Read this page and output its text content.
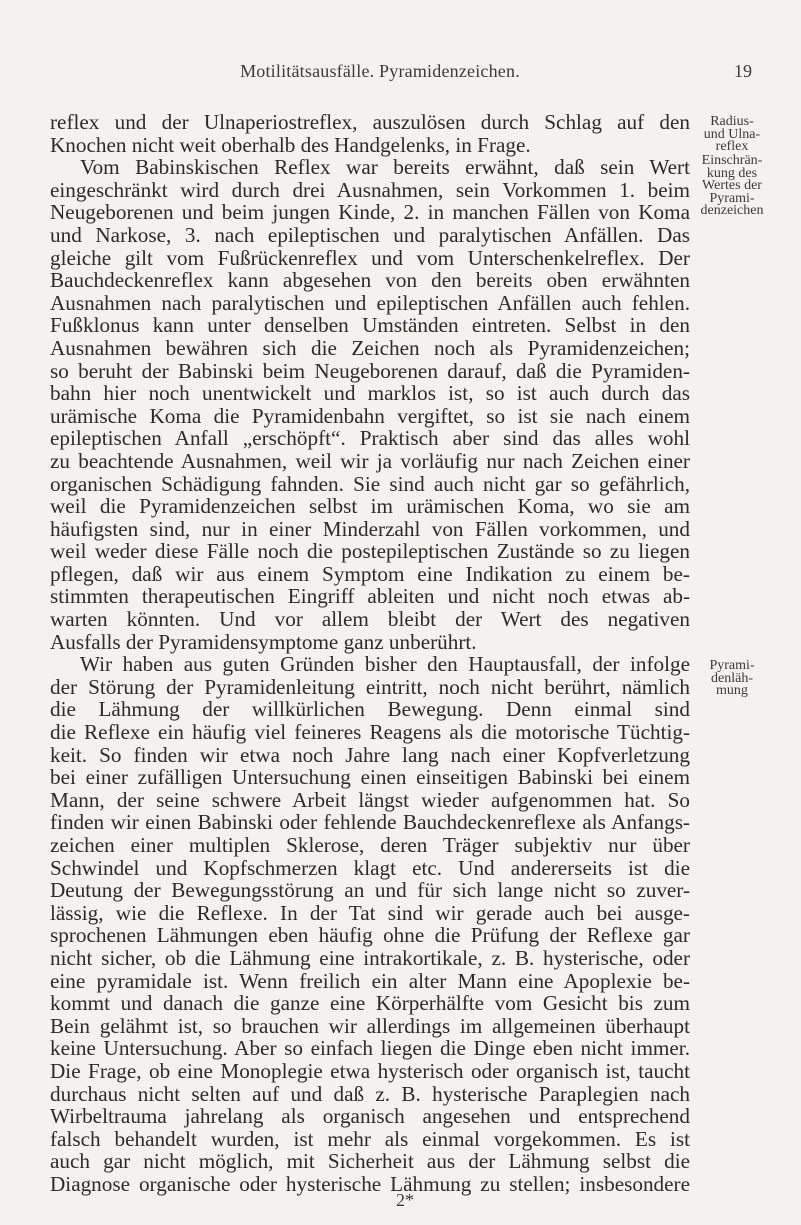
Motilitätsausfälle. Pyramidenzeichen.	19
reflex und der Ulnaperiostreflex, auszulösen durch Schlag auf den
Knochen nicht weit oberhalb des Handgelenks, in Frage.
Vom Babinskischen Reflex war bereits erwähnt, daß sein Wert
eingeschränkt wird durch drei Ausnahmen, sein Vorkommen 1. beim
Neugeborenen und beim jungen Kinde, 2. in manchen Fällen von Koma
und Narkose, 3. nach epileptischen und paralytischen Anfällen. Das
gleiche gilt vom Fußrückenreflex und vom Unterschenkelreflex. Der
Bauchdeckenreflex kann abgesehen von den bereits oben erwähnten
Ausnahmen nach paralytischen und epileptischen Anfällen auch fehlen.
Fußklonus kann unter denselben Umständen eintreten. Selbst in den
Ausnahmen bewähren sich die Zeichen noch als Pyramidenzeichen;
so beruht der Babinski beim Neugeborenen darauf, daß die Pyramiden-
bahn hier noch unentwickelt und marklos ist, so ist auch durch das
urämische Koma die Pyramidenbahn vergiftet, so ist sie nach einem
epileptischen Anfall „erschöpft“. Praktisch aber sind das alles wohl
zu beachtende Ausnahmen, weil wir ja vorläufig nur nach Zeichen einer
organischen Schädigung fahnden. Sie sind auch nicht gar so gefährlich,
weil die Pyramidenzeichen selbst im urämischen Koma, wo sie am
häufigsten sind, nur in einer Minderzahl von Fällen vorkommen, und
weil weder diese Fälle noch die postepileptischen Zustände so zu liegen
pflegen, daß wir aus einem Symptom eine Indikation zu einem be-
stimmten therapeutischen Eingriff ableiten und nicht noch etwas ab-
warten könnten. Und vor allem bleibt der Wert des negativen
Ausfalls der Pyramidensymptome ganz unberührt.
Wir haben aus guten Gründen bisher den Hauptausfall, der infolge
der Störung der Pyramidenleitung eintritt, noch nicht berührt, nämlich
die Lähmung der willkürlichen Bewegung. Denn einmal sind
die Reflexe ein häufig viel feineres Reagens als die motorische Tüchtig-
keit. So finden wir etwa noch Jahre lang nach einer Kopfverletzung
bei einer zufälligen Untersuchung einen einseitigen Babinski bei einem
Mann, der seine schwere Arbeit längst wieder aufgenommen hat. So
finden wir einen Babinski oder fehlende Bauchdeckenreflexe als Anfangs-
zeichen einer multiplen Sklerose, deren Träger subjektiv nur über
Schwindel und Kopfschmerzen klagt etc. Und andererseits ist die
Deutung der Bewegungsstörung an und für sich lange nicht so zuver-
lässig, wie die Reflexe. In der Tat sind wir gerade auch bei ausge-
sprochenen Lähmungen eben häufig ohne die Prüfung der Reflexe gar
nicht sicher, ob die Lähmung eine intrakortikale, z. B. hysterische, oder
eine pyramidale ist. Wenn freilich ein alter Mann eine Apoplexie be-
kommt und danach die ganze eine Körperhälfte vom Gesicht bis zum
Bein gelähmt ist, so brauchen wir allerdings im allgemeinen überhaupt
keine Untersuchung. Aber so einfach liegen die Dinge eben nicht immer.
Die Frage, ob eine Monoplegie etwa hysterisch oder organisch ist, taucht
durchaus nicht selten auf und daß z. B. hysterische Paraplegien nach
Wirbeltrauma jahrelang als organisch angesehen und entsprechend
falsch behandelt wurden, ist mehr als einmal vorgekommen. Es ist
auch gar nicht möglich, mit Sicherheit aus der Lähmung selbst die
Diagnose organische oder hysterische Lähmung zu stellen; insbesondere
Radius- und Ulna- reflex
Einschrän- kung des Wertes der Pyrami- denzeichen
Pyrami- denläh- mung
2*
